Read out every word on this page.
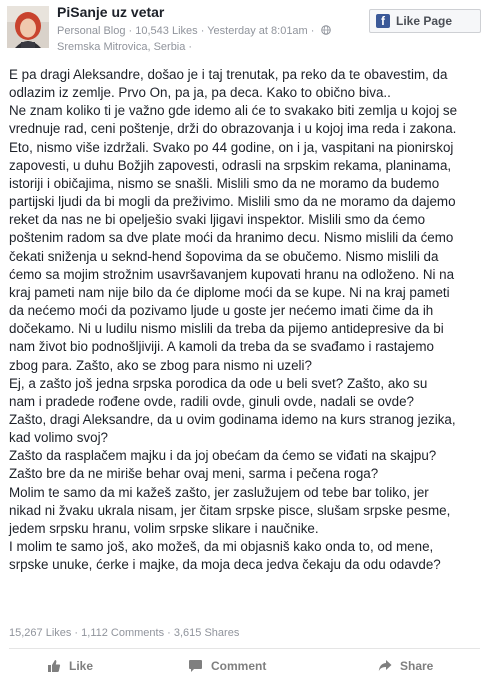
PiSanje uz vetar
Personal Blog · 10,543 Likes · Yesterday at 8:01am ·
Sremska Mitrovica, Serbia ·
f Like Page

E pa dragi Aleksandre, došao je i taj trenutak, pa reko da te obavestim, da

odlazim iz zemlje. Prvo On, pa ja, pa deca. Kako to obično biva..

Ne znam koliko ti je važno gde idemo ali će to svakako biti zemlja u kojoj se

vrednuje rad, ceni poštenje, drži do obrazovanja i u kojoj ima reda i zakona.

Eto, nismo više izdržali. Svako po 44 godine, on i ja, vaspitani na pionirskoj

zapovesti, u duhu Božjih zapovesti, odrasli na srpskim rekama, planinama,

istoriji i običajima, nismo se snašli. Mislili smo da ne moramo da budemo

partijski ljudi da bi mogli da preživimo. Mislili smo da ne moramo da dajemo

reket da nas ne bi opelješio svaki ljigavi inspektor. Mislili smo da ćemo

poštenim radom sa dve plate moći da hranimo decu. Nismo mislili da ćemo

čekati sniženja u seknd-hend šopovima da se obučemo. Nismo mislili da

ćemo sa mojim strožnim usavršavanjem kupovati hranu na odloženo. Ni na

kraj pameti nam nije bilo da će diplome moći da se kupe. Ni na kraj pameti

da nećemo moći da pozivamo ljude u goste jer nećemo imati čime da ih

dočekamo. Ni u ludilu nismo mislili da treba da pijemo antidepresive da bi

nam život bio podnošljiviji. A kamoli da treba da se svađamo i rastajemo

zbog para. Zašto, ako se zbog para nismo ni uzeli?

Ej, a zašto još jedna srpska porodica da ode u beli svet? Zašto, ako su

nam i pradede rođene ovde, radili ovde, ginuli ovde, nadali se ovde?

Zašto, dragi Aleksandre, da u ovim godinama idemo na kurs stranog jezika,

kad volimo svoj?

Zašto da rasplačem majku i da joj obećam da ćemo se viđati na skajpu?

Zašto bre da ne miriše behar ovaj meni, sarma i pečena roga?

Molim te samo da mi kažeš zašto, jer zaslužujem od tebe bar toliko, jer

nikad ni žvaku ukrala nisam, jer čitam srpske pisce, slušam srpske pesme,

jedem srpsku hranu, volim srpske slikare i naučnike.

I molim te samo još, ako možeš, da mi objasniš kako onda to, od mene,

srpske unuke, ćerke i majke, da moja deca jedva čekaju da odu odavde?

15,267 Likes · 1,112 Comments · 3,615 Shares
Like	Comment	Share
